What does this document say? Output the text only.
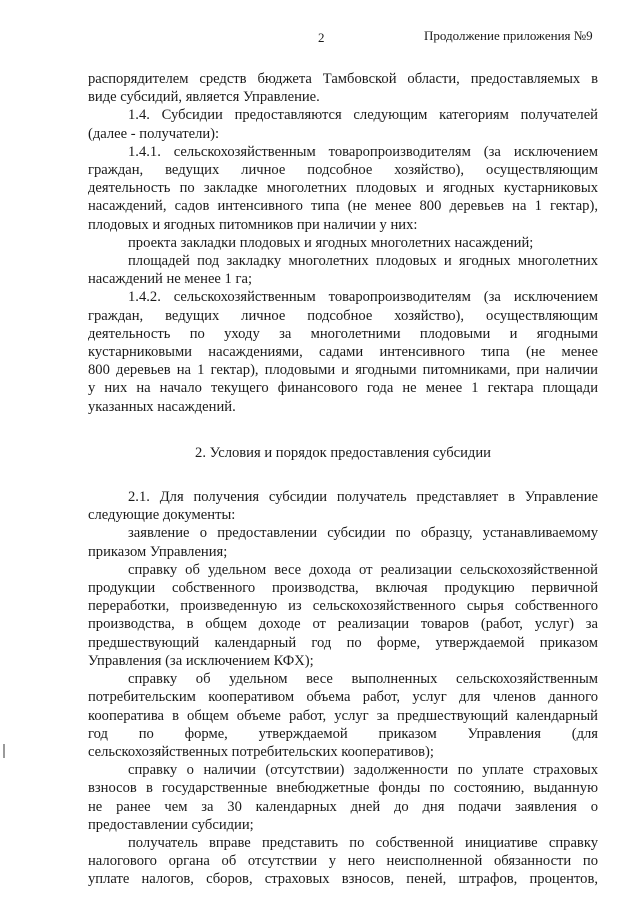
2	Продолжение приложения №9

распорядителем средств бюджета Тамбовской области, предоставляемых в

виде субсидий, является Управление.

1.4. Субсидии предоставляются следующим категориям получателей

(далее - получатели):

1.4.1. сельскохозяйственным товаропроизводителям (за исключением

граждан, ведущих личное подсобное хозяйство), осуществляющим

деятельность по закладке многолетних плодовых и ягодных кустарниковых

насаждений, садов интенсивного типа (не менее 800 деревьев на 1 гектар),

плодовых и ягодных питомников при наличии у них:

проекта закладки плодовых и ягодных многолетних насаждений;

площадей под закладку многолетних плодовых и ягодных многолетних

насаждений не менее 1 га;

1.4.2. сельскохозяйственным товаропроизводителям (за исключением

граждан, ведущих личное подсобное хозяйство), осуществляющим

деятельность по уходу за многолетними плодовыми и ягодными

кустарниковыми насаждениями, садами интенсивного типа (не менее

800 деревьев на 1 гектар), плодовыми и ягодными питомниками, при наличии

у них на начало текущего финансового года не менее 1 гектара площади

указанных насаждений.

2. Условия и порядок предоставления субсидии

2.1. Для получения субсидии получатель представляет в Управление

следующие документы:

заявление о предоставлении субсидии по образцу, устанавливаемому

приказом Управления;

справку об удельном весе дохода от реализации сельскохозяйственной

продукции собственного производства, включая продукцию первичной

переработки, произведенную из сельскохозяйственного сырья собственного

производства, в общем доходе от реализации товаров (работ, услуг) за

предшествующий календарный год по форме, утверждаемой приказом

Управления (за исключением КФХ);

справку об удельном весе выполненных сельскохозяйственным

потребительским кооперативом объема работ, услуг для членов данного

кооператива в общем объеме работ, услуг за предшествующий календарный

год по форме, утверждаемой приказом Управления (для

сельскохозяйственных потребительских кооперативов);

справку о наличии (отсутствии) задолженности по уплате страховых

взносов в государственные внебюджетные фонды по состоянию, выданную

не ранее чем за 30 календарных дней до дня подачи заявления о

предоставлении субсидии;

получатель вправе представить по собственной инициативе справку

налогового органа об отсутствии у него неисполненной обязанности по

уплате налогов, сборов, страховых взносов, пеней, штрафов, процентов,
